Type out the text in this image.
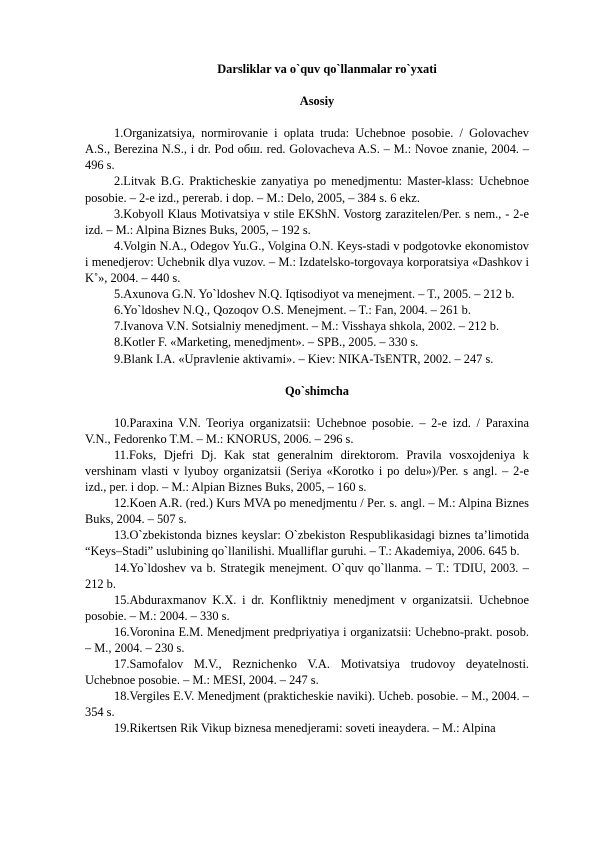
Darsliklar va o`quv qo`llanmalar ro`yxati
Asosiy

1.Organizatsiya, normirovanie i oplata truda: Uchebnoe posobie. / Golovachev A.S., Berezina N.S., i dr. Pod обш. red. Golovacheva A.S. – M.: Novoe znanie, 2004. – 496 s.

2.Litvak B.G. Prakticheskie zanyatiya po menedjmentu: Master-klass: Uchebnoe posobie. – 2-e izd., pererab. i dop. – M.: Delo, 2005, – 384 s. 6 ekz.

3.Kobyoll Klaus Motivatsiya v stile EKShN. Vostorg zarazitelen/Per. s nem., - 2-e izd. – M.: Alpina Biznes Buks, 2005, – 192 s.

4.Volgin N.A., Odegov Yu.G., Volgina O.N. Keys-stadi v podgotovke ekonomistov i menedjerov: Uchebnik dlya vuzov. – M.: Izdatelsko-torgovaya korporatsiya «Dashkov i K˚», 2004. – 440 s.

5.Axunova G.N. Yo`ldoshev N.Q. Iqtisodiyot va menejment. – T., 2005. – 212 b.

6.Yo`ldoshev N.Q., Qozoqov O.S. Menejment. – T.: Fan, 2004. – 261 b.

7.Ivanova V.N. Sotsialniy menedjment. – M.: Visshaya shkola, 2002. – 212 b.

8.Kotler F. «Marketing, menedjment». – SPB., 2005. – 330 s.

9.Blank I.A. «Upravlenie aktivami». – Kiev: NIKA-TsENTR, 2002. – 247 s.

Qo`shimcha

10.Paraxina V.N. Teoriya organizatsii: Uchebnoe posobie. – 2-e izd. / Paraxina V.N., Fedorenko T.M. – M.: KNORUS, 2006. – 296 s.

11.Foks, Djefri Dj. Kak stat generalnim direktorom. Pravila vosxojdeniya k vershinam vlasti v lyuboy organizatsii (Seriya «Korotko i po delu»)/Per. s angl. – 2-e izd., per. i dop. – M.: Alpian Biznes Buks, 2005, – 160 s.

12.Koen A.R. (red.) Kurs MVA po menedjmentu / Per. s. angl. – M.: Alpina Biznes Buks, 2004. – 507 s.

13.O`zbekistonda biznes keyslar: O`zbekiston Respublikasidagi biznes ta’limotida “Keys–Stadi” uslubining qo`llanilishi. Mualliflar guruhi. – T.: Akademiya, 2006. 645 b.

14.Yo`ldoshev va b. Strategik menejment. O`quv qo`llanma. – T.: TDIU, 2003. – 212 b.

15.Abduraxmanov K.X. i dr. Konfliktniy menedjment v organizatsii. Uchebnoe posobie. – M.: 2004. – 330 s.

16.Voronina E.M. Menedjment predpriyatiya i organizatsii: Uchebno-prakt. posob. – M., 2004. – 230 s.

17.Samofalov M.V., Reznichenko V.A. Motivatsiya trudovoy deyatelnosti. Uchebnoe posobie. – M.: MESI, 2004. – 247 s.

18.Vergiles E.V. Menedjment (prakticheskie naviki). Ucheb. posobie. – M., 2004. – 354 s.

19.Rikertsen Rik Vikup biznesa menedjerami: soveti ineaydera. – M.: Alpina
